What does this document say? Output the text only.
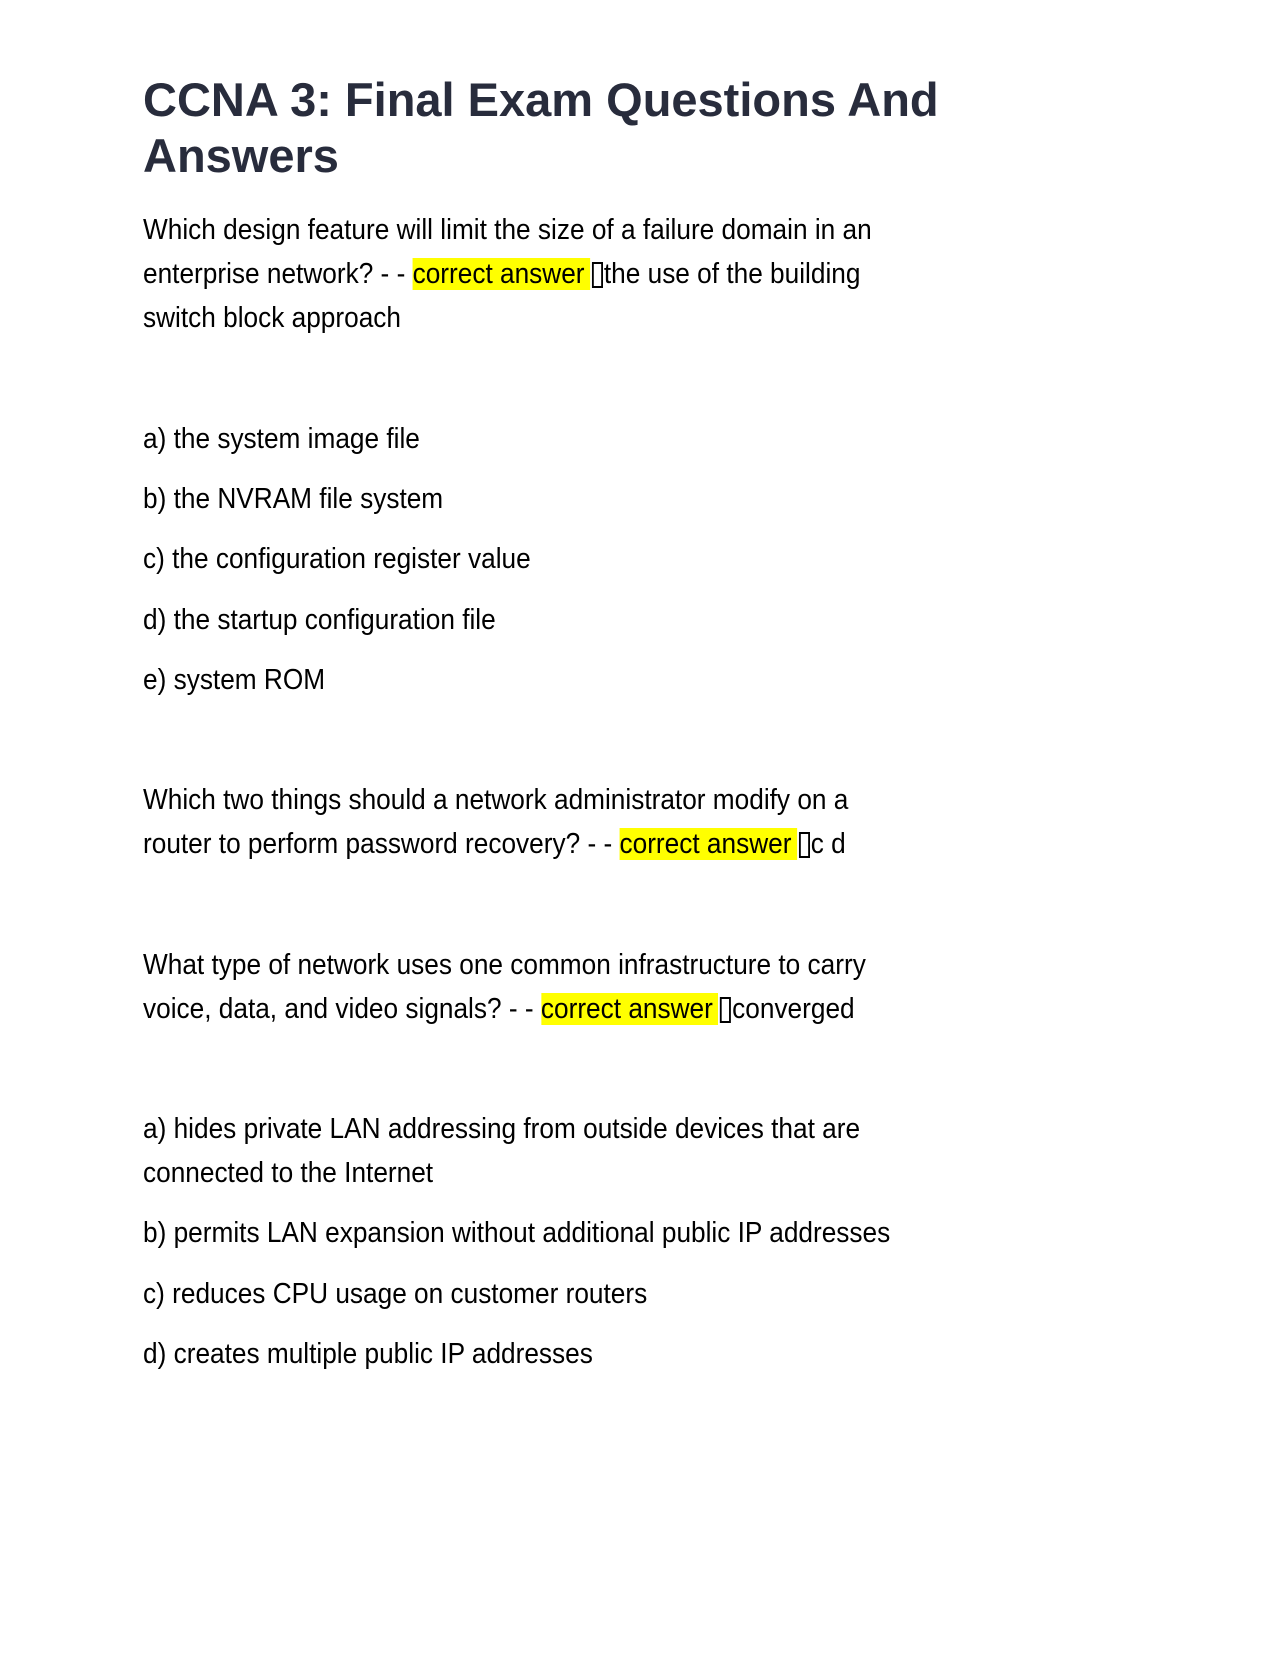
CCNA 3: Final Exam Questions And Answers

Which design feature will limit the size of a failure domain in an

enterprise network? - - correct answer the use of the building

switch block approach

a) the system image file

b) the NVRAM file system

c) the configuration register value

d) the startup configuration file

e) system ROM

Which two things should a network administrator modify on a

router to perform password recovery? - - correct answer c d

What type of network uses one common infrastructure to carry

voice, data, and video signals? - - correct answer converged

a) hides private LAN addressing from outside devices that are

connected to the Internet

b) permits LAN expansion without additional public IP addresses

c) reduces CPU usage on customer routers

d) creates multiple public IP addresses
